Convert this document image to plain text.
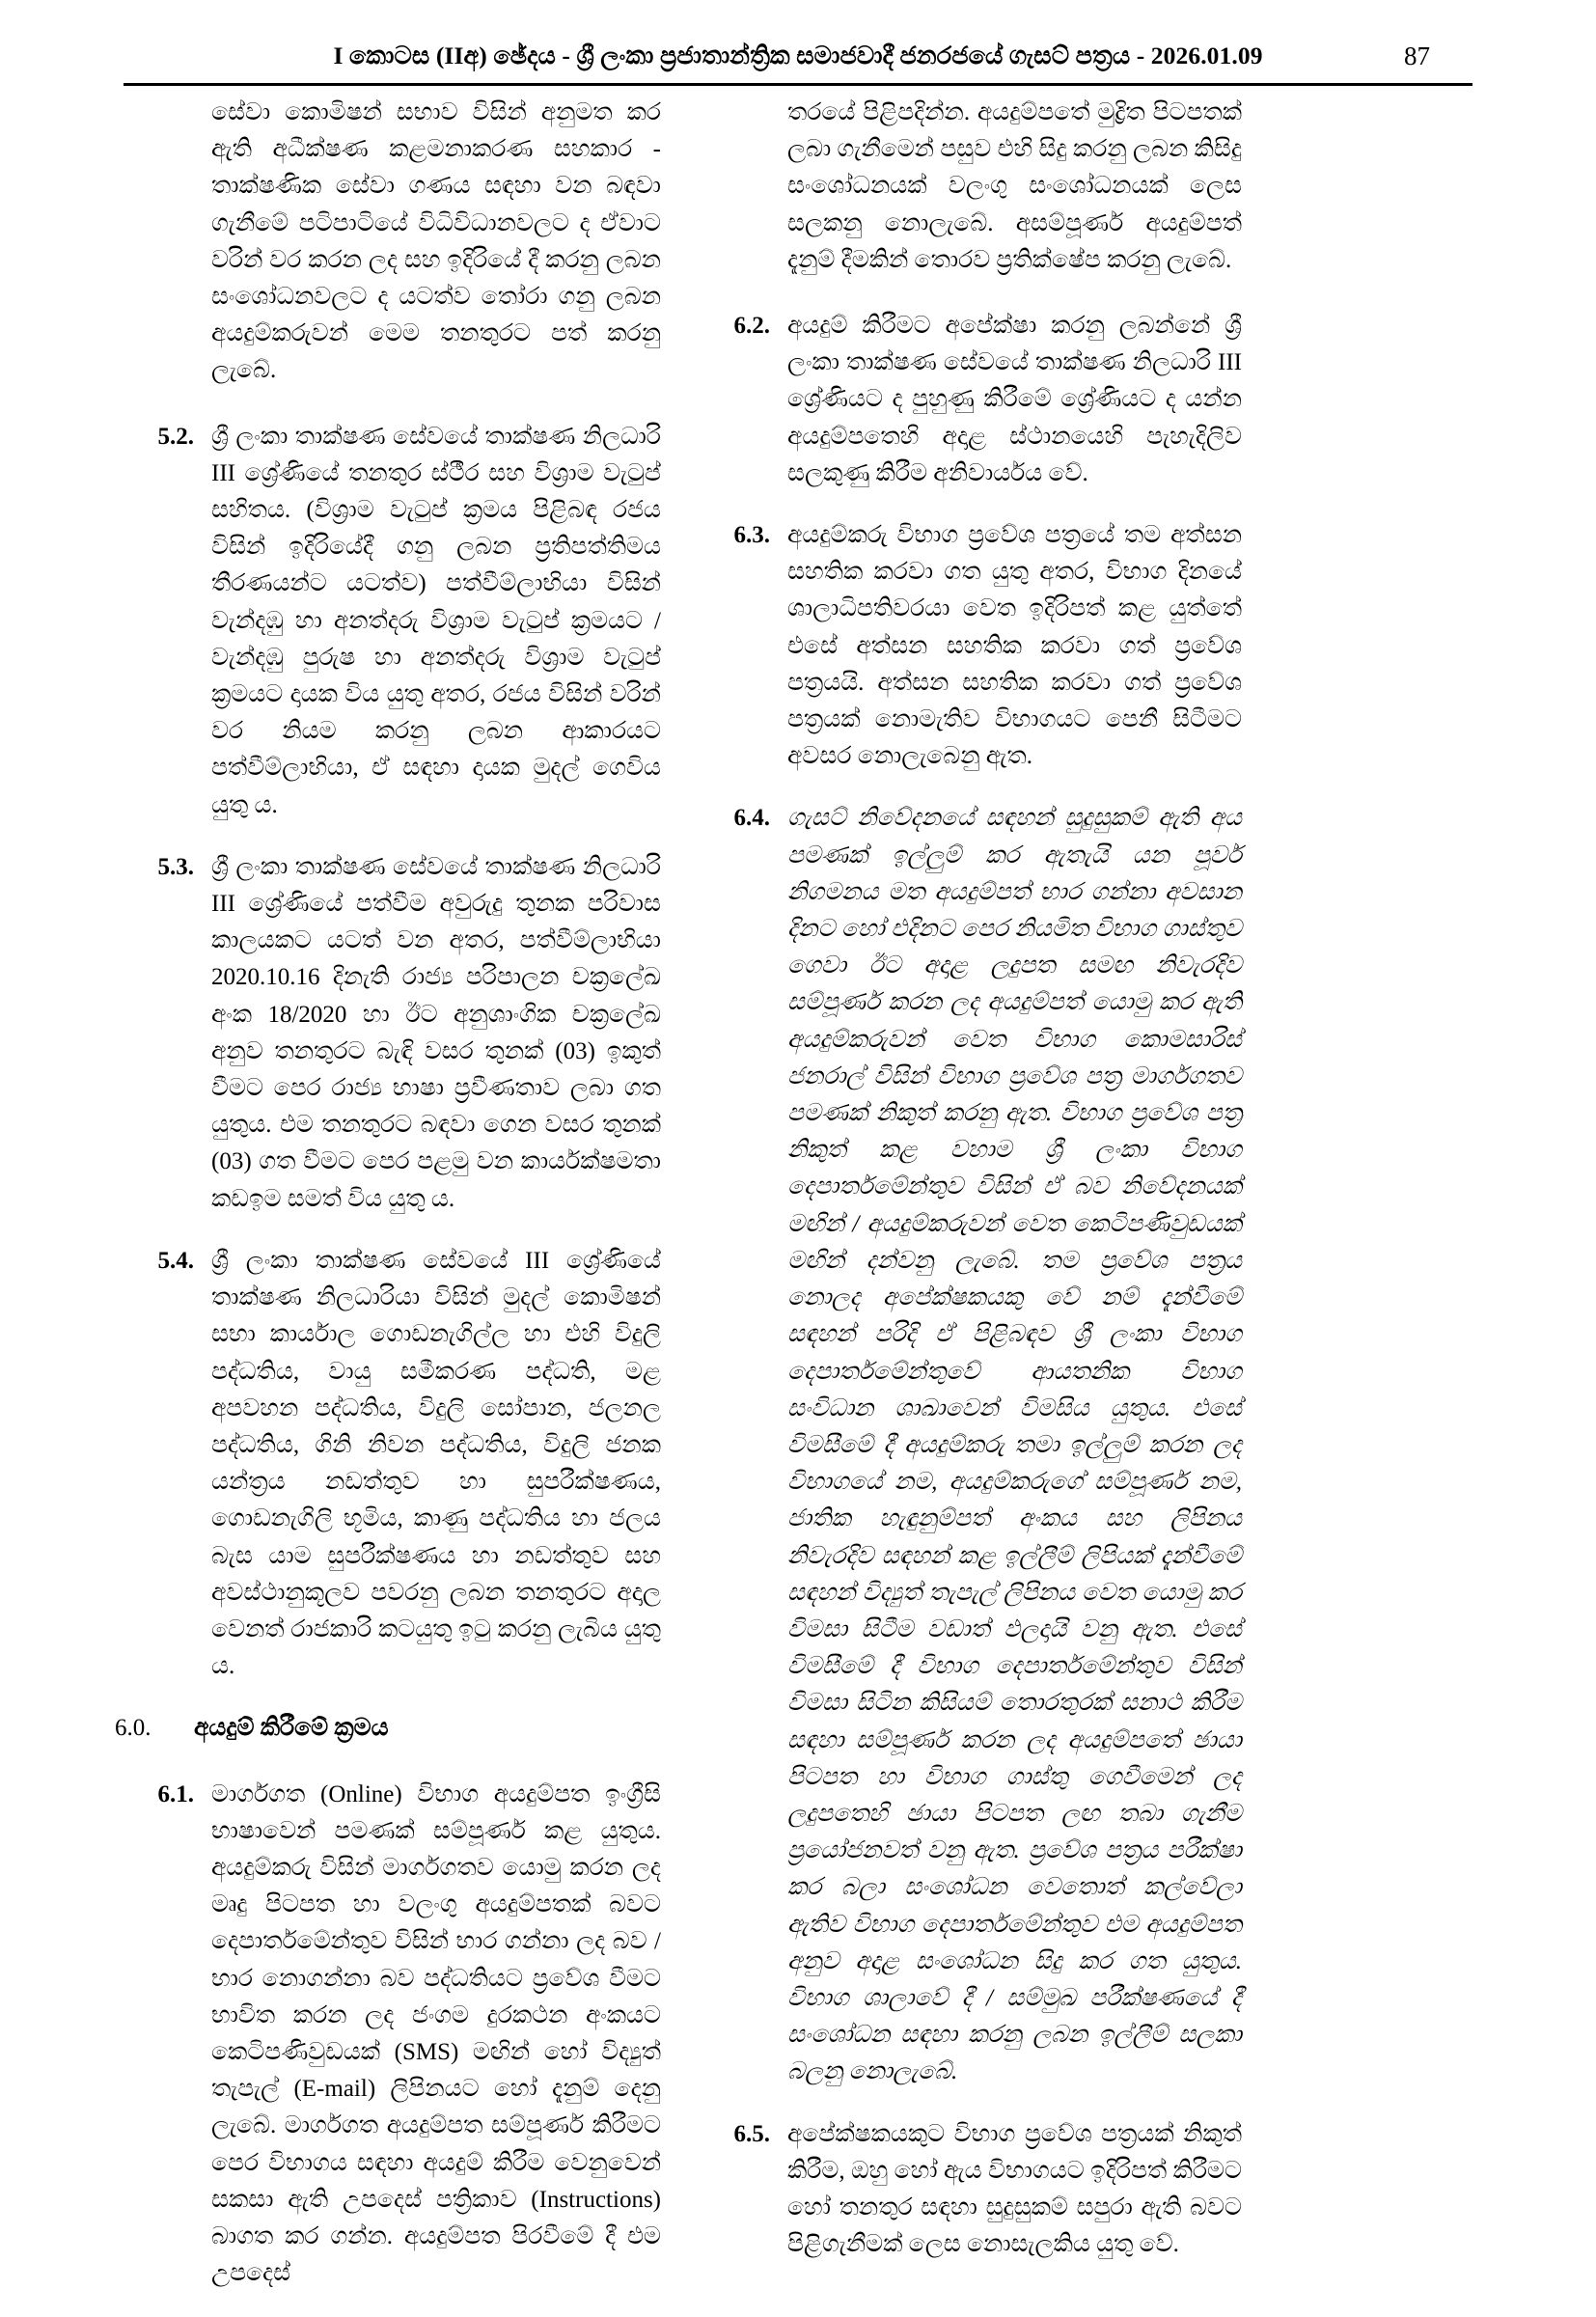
I කොටස (IIඅ) ඡේදය - ශ්‍රී ලංකා ප්‍රජාතාන්ත්‍රික සමාජවාදී ජනරජයේ ගැසට් පත්‍රය - 2026.01.09	87
සේවා කොමිෂන් සභාව විසින් අනුමත කර ඇති අධීක්ෂණ කළමනාකරණ සහකාර - තාක්ෂණික සේවා ගණය සඳහා වන බඳවා ගැනීමේ පටිපාටියේ විධිවිධානවලට ද ඒවාට වරින් වර කරන ලද සහ ඉදිරියේ දී කරනු ලබන සංශෝධනවලට ද යටත්ව තෝරා ගනු ලබන අයදුම්කරුවන් මෙම තනතුරට පත් කරනු ලැබේ.
5.2. ශ්‍රී ලංකා තාක්ෂණ සේවයේ තාක්ෂණ නිලධාරි III ශ්‍රේණියේ තනතුර ස්ථීර සහ විශ්‍රාම වැටුප් සහිතය. (විශ්‍රාම වැටුප් ක්‍රමය පිළිබඳ රජය විසින් ඉදිරියේදී ගනු ලබන ප්‍රතිපත්තිමය තීරණයන්ට යටත්ව) පත්වීම්ලාභියා විසින් වැන්දඹු හා අනත්දරු විශ්‍රාම වැටුප් ක්‍රමයට / වැන්දඹු පුරුෂ හා අනත්දරු විශ්‍රාම වැටුප් ක්‍රමයට දායක විය යුතු අතර, රජය විසින් වරින් වර නියම කරනු ලබන ආකාරයට පත්වීම්ලාභියා, ඒ සඳහා දායක මුදල් ගෙවිය යුතු ය.
5.3. ශ්‍රී ලංකා තාක්ෂණ සේවයේ තාක්ෂණ නිලධාරි III ශ්‍රේණියේ පත්වීම අවුරුදු තුනක පරිවාස කාලයකට යටත් වන අතර, පත්වීම්ලාභියා 2020.10.16 දිනැති රාජ්‍ය පරිපාලන චක්‍රලේඛ අංක 18/2020 හා ඊට අනුශාංගික චක්‍රලේඛ අනුව තනතුරට බැඳි වසර තුනක් (03) ඉකුත් වීමට පෙර රාජ්‍ය භාෂා ප්‍රවීණතාව ලබා ගත යුතුය. එම තනතුරට බඳවා ගෙන වසර තුනක් (03) ගත වීමට පෙර පළමු වන කාර්යක්ෂමතා කඩඉම සමත් විය යුතු ය.
5.4. ශ්‍රී ලංකා තාක්ෂණ සේවයේ III ශ්‍රේණියේ තාක්ෂණ නිලධාරියා විසින් මුදල් කොමිෂන් සභා කාර්යාල ගොඩනැගිල්ල හා එහි විදුලි පද්ධතිය, වායු සමීකරණ පද්ධති, මළ අපවහන පද්ධතිය, විදුලි සෝපාන, ජලනල පද්ධතිය, ගිනි නිවන පද්ධතිය, විදුලි ජනක යන්ත්‍රය නඩත්තුව හා සුපරීක්ෂණය, ගොඩනැගිලි භූමිය, කාණු පද්ධතිය හා ජලය බැස යාම සුපරීක්ෂණය හා නඩත්තුව සහ අවස්ථානුකූලව පවරනු ලබන තනතුරට අදාල වෙනත් රාජකාරි කටයුතු ඉටු කරනු ලැබිය යුතු ය.
6.0.	අයදුම් කිරීමේ ක්‍රමය
6.1. මාර්ගගත (Online) විභාග අයදුම්පත ඉංග්‍රීසි භාෂාවෙන් පමණක් සම්පූර්ණ කළ යුතුය. අයදුම්කරු විසින් මාර්ගගතව යොමු කරන ලද මෘදු පිටපත හා වලංගු අයදුම්පතක් බවට දෙපාර්තමේන්තුව විසින් භාර ගන්නා ලද බව / භාර නොගන්නා බව පද්ධතියට ප්‍රවේශ වීමට භාවිත කරන ලද ජංගම දුරකථන අංකයට කෙටිපණිවුඩයක් (SMS) මඟින් හෝ විද්‍යුත් තැපැල් (E-mail) ලිපිනයට හෝ දැනුම් දෙනු ලැබේ. මාර්ගගත අයදුම්පත සම්පූර්ණ කිරීමට පෙර විභාගය සඳහා අයදුම් කිරීම වෙනුවෙන් සකසා ඇති උපදෙස් පත්‍රිකාව (Instructions) බාගත කර ගන්න. අයදුම්පත පිරවීමේ දී එම උපදෙස්
තරයේ පිළිපදින්න. අයදුම්පතේ මුද්‍රිත පිටපතක් ලබා ගැනීමෙන් පසුව එහි සිදු කරනු ලබන කිසිදු සංශෝධනයක් වලංගු සංශෝධනයක් ලෙස සලකනු නොලැබේ. අසම්පූර්ණ අයදුම්පත් දැනුම් දීමකින් තොරව ප්‍රතික්ෂේප කරනු ලැබේ.
6.2. අයදුම් කිරීමට අපේක්ෂා කරනු ලබන්නේ ශ්‍රී ලංකා තාක්ෂණ සේවයේ තාක්ෂණ නිලධාරි III ශ්‍රේණියට ද පුහුණු කිරීමේ ශ්‍රේණියට ද යන්න අයදුම්පතෙහි අදාළ ස්ථානයෙහි පැහැදිලිව සලකුණු කිරීම අනිවාර්යය වේ.
6.3. අයදුම්කරු විභාග ප්‍රවේශ පත්‍රයේ තම අත්සන සහතික කරවා ගත යුතු අතර, විභාග දිනයේ ශාලාධිපතිවරයා වෙත ඉදිරිපත් කළ යුත්තේ එසේ අත්සන සහතික කරවා ගත් ප්‍රවේශ පත්‍රයයි. අත්සන සහතික කරවා ගත් ප්‍රවේශ පත්‍රයක් නොමැතිව විභාගයට පෙනී සිටීමට අවසර නොලැබෙනු ඇත.
6.4. ගැසට් නිවේදනයේ සඳහන් සුදුසුකම් ඇති අය පමණක් ඉල්ලුම් කර ඇතැයි යන පූර්ව නිගමනය මත අයදුම්පත් භාර ගන්නා අවසාන දිනට හෝ එදිනට පෙර නියමිත විභාග ගාස්තුව ගෙවා ඊට අදාළ ලදුපත සමඟ නිවැරදිව සම්පූර්ණ කරන ලද අයදුම්පත් යොමු කර ඇති අයදුම්කරුවන් වෙත විභාග කොමසාරිස් ජනරාල් විසින් විභාග ප්‍රවේශ පත්‍ර මාර්ගගතව පමණක් නිකුත් කරනු ඇත. විභාග ප්‍රවේශ පත්‍ර නිකුත් කළ වහාම ශ්‍රී ලංකා විභාග දෙපාර්තමේන්තුව විසින් ඒ බව නිවේදනයක් මඟින් / අයදුම්කරුවන් වෙත කෙටිපණිවුඩයක් මඟින් දන්වනු ලැබේ. තම ප්‍රවේශ පත්‍රය නොලද අපේක්ෂකයකු වේ නම් දැන්වීමේ සඳහන් පරිදි ඒ පිළිබඳව ශ්‍රී ලංකා විභාග දෙපාර්තමේන්තුවේ ආයතනික විභාග සංවිධාන ශාඛාවෙන් විමසිය යුතුය. එසේ විමසීමේ දී අයදුම්කරු තමා ඉල්ලුම් කරන ලද විභාගයේ නම, අයදුම්කරුගේ සම්පූර්ණ නම, ජාතික හැඳුනුම්පත් අංකය සහ ලිපිනය නිවැරදිව සඳහන් කළ ඉල්ලීම් ලිපියක් දැන්වීමේ සඳහන් විද්‍යුත් තැපැල් ලිපිනය වෙත යොමු කර විමසා සිටීම වඩාත් ඵලදායි වනු ඇත. එසේ විමසීමේ දී විභාග දෙපාර්තමේන්තුව විසින් විමසා සිටින කිසියම් තොරතුරක් සනාථ කිරීම සඳහා සම්පූර්ණ කරන ලද අයදුම්පතේ ඡායා පිටපත හා විභාග ගාස්තු ගෙවීමෙන් ලද ලදුපතෙහි ඡායා පිටපත ලඟ තබා ගැනීම ප්‍රයෝජනවත් වනු ඇත. ප්‍රවේශ පත්‍රය පරීක්ෂා කර බලා සංශෝධන වෙතොත් කල්වේලා ඇතිව විභාග දෙපාර්තමේන්තුව එම අයදුම්පත අනුව අදාළ සංශෝධන සිදු කර ගත යුතුය. විභාග ශාලාවේ දී / සම්මුඛ පරීක්ෂණයේ දී සංශෝධන සඳහා කරනු ලබන ඉල්ලීම් සලකා බලනු නොලැබේ.
6.5. අපේක්ෂකයකුට විභාග ප්‍රවේශ පත්‍රයක් නිකුත් කිරීම, ඔහු හෝ ඇය විභාගයට ඉදිරිපත් කිරීමට හෝ තනතුර සඳහා සුදුසුකම් සපුරා ඇති බවට පිළිගැනීමක් ලෙස නොසැලකිය යුතු වේ.
